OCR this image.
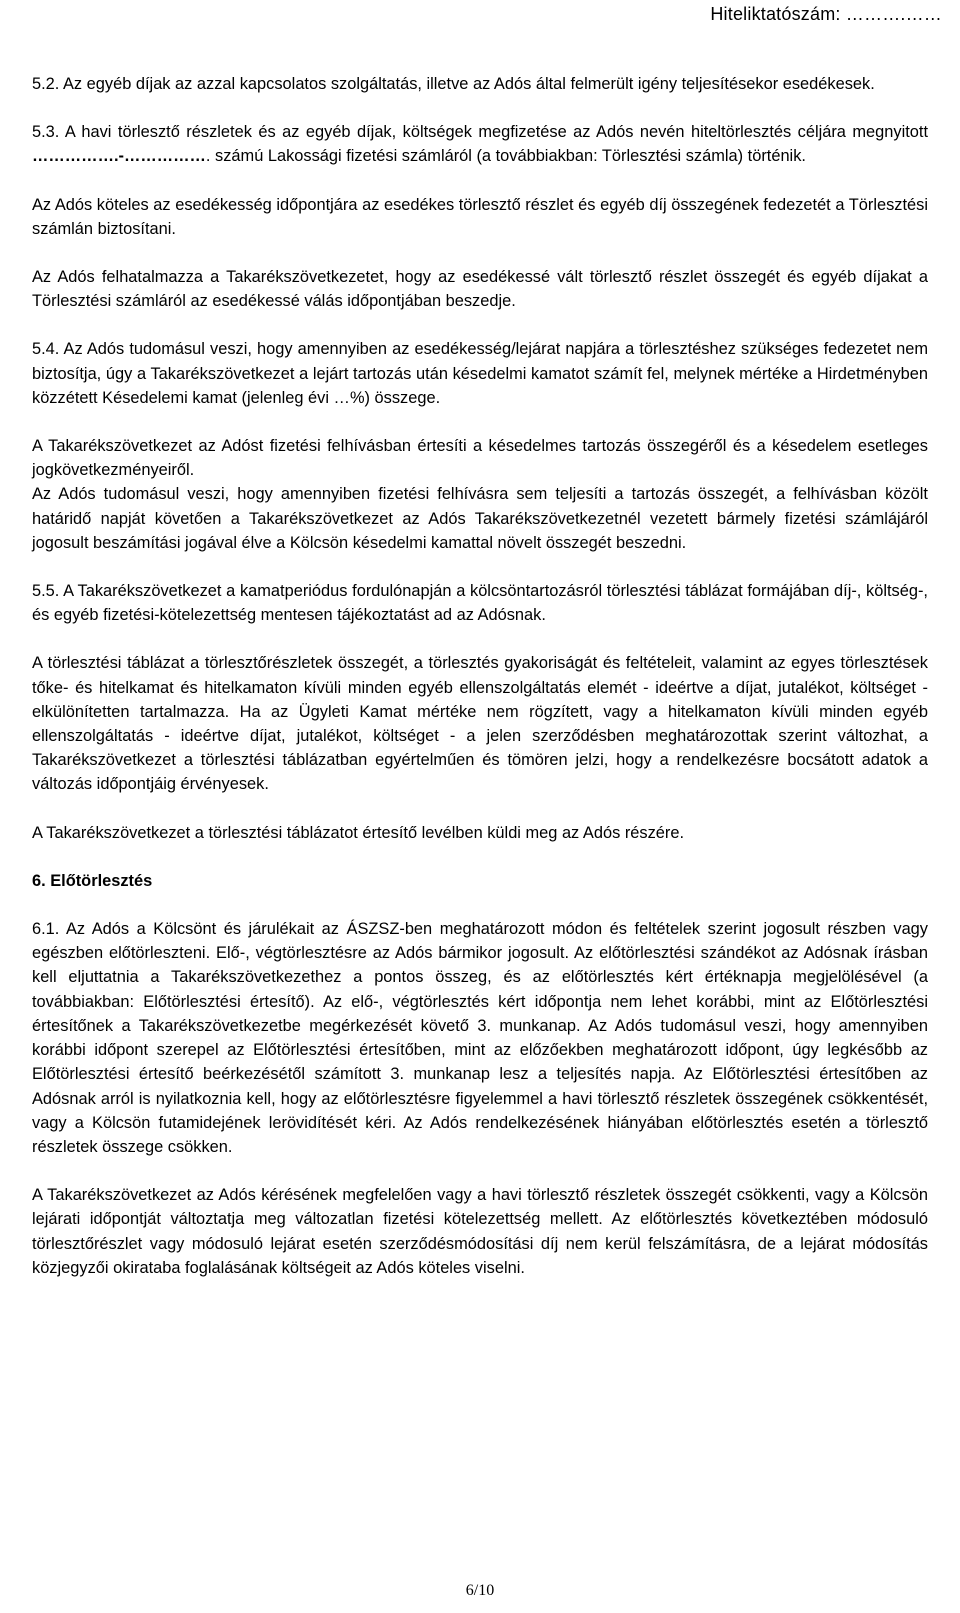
Hiteliktatószám: ……….……

5.2. Az egyéb díjak az azzal kapcsolatos szolgáltatás, illetve az Adós által felmerült igény teljesítésekor esedékesek.

5.3. A havi törlesztő részletek és az egyéb díjak, költségek megfizetése az Adós nevén hiteltörlesztés céljára megnyitott …………….-……………. számú Lakossági fizetési számláról (a továbbiakban: Törlesztési számla) történik.

Az Adós köteles az esedékesség időpontjára az esedékes törlesztő részlet és egyéb díj összegének fedezetét a Törlesztési számlán biztosítani.

Az Adós felhatalmazza a Takarékszövetkezetet, hogy az esedékessé vált törlesztő részlet összegét és egyéb díjakat a Törlesztési számláról az esedékessé válás időpontjában beszedje.

5.4. Az Adós tudomásul veszi, hogy amennyiben az esedékesség/lejárat napjára a törlesztéshez szükséges fedezetet nem biztosítja, úgy a Takarékszövetkezet a lejárt tartozás után késedelmi kamatot számít fel, melynek mértéke a Hirdetményben közzétett Késedelemi kamat (jelenleg évi …%) összege.

A Takarékszövetkezet az Adóst fizetési felhívásban értesíti a késedelmes tartozás összegéről és a késedelem esetleges jogkövetkezményeiről.

Az Adós tudomásul veszi, hogy amennyiben fizetési felhívásra sem teljesíti a tartozás összegét, a felhívásban közölt határidő napját követően a Takarékszövetkezet az Adós Takarékszövetkezetnél vezetett bármely fizetési számlájáról jogosult beszámítási jogával élve a Kölcsön késedelmi kamattal növelt összegét beszedni.

5.5. A Takarékszövetkezet a kamatperiódus fordulónapján a kölcsöntartozásról törlesztési táblázat formájában díj-, költség-, és egyéb fizetési-kötelezettség mentesen tájékoztatást ad az Adósnak.

A törlesztési táblázat a törlesztőrészletek összegét, a törlesztés gyakoriságát és feltételeit, valamint az egyes törlesztések tőke- és hitelkamat és hitelkamaton kívüli minden egyéb ellenszolgáltatás elemét - ideértve a díjat, jutalékot, költséget - elkülönítetten tartalmazza. Ha az Ügyleti Kamat mértéke nem rögzített, vagy a hitelkamaton kívüli minden egyéb ellenszolgáltatás - ideértve díjat, jutalékot, költséget - a jelen szerződésben meghatározottak szerint változhat, a Takarékszövetkezet a törlesztési táblázatban egyértelműen és tömören jelzi, hogy a rendelkezésre bocsátott adatok a változás időpontjáig érvényesek.

A Takarékszövetkezet a törlesztési táblázatot értesítő levélben küldi meg az Adós részére.

6. Előtörlesztés

6.1. Az Adós a Kölcsönt és járulékait az ÁSZSZ-ben meghatározott módon és feltételek szerint jogosult részben vagy egészben előtörleszteni. Elő-, végtörlesztésre az Adós bármikor jogosult. Az előtörlesztési szándékot az Adósnak írásban kell eljuttatnia a Takarékszövetkezethez a pontos összeg, és az előtörlesztés kért értéknapja megjelölésével (a továbbiakban: Előtörlesztési értesítő). Az elő-, végtörlesztés kért időpontja nem lehet korábbi, mint az Előtörlesztési értesítőnek a Takarékszövetkezetbe megérkezését követő 3. munkanap. Az Adós tudomásul veszi, hogy amennyiben korábbi időpont szerepel az Előtörlesztési értesítőben, mint az előzőekben meghatározott időpont, úgy legkésőbb az Előtörlesztési értesítő beérkezésétől számított 3. munkanap lesz a teljesítés napja. Az Előtörlesztési értesítőben az Adósnak arról is nyilatkoznia kell, hogy az előtörlesztésre figyelemmel a havi törlesztő részletek összegének csökkentését, vagy a Kölcsön futamidejének lerövidítését kéri. Az Adós rendelkezésének hiányában előtörlesztés esetén a törlesztő részletek összege csökken.

A Takarékszövetkezet az Adós kérésének megfelelően vagy a havi törlesztő részletek összegét csökkenti, vagy a Kölcsön lejárati időpontját változtatja meg változatlan fizetési kötelezettség mellett. Az előtörlesztés következtében módosuló törlesztőrészlet vagy módosuló lejárat esetén szerződésmódosítási díj nem kerül felszámításra, de a lejárat módosítás közjegyzői okirataba foglalásának költségeit az Adós köteles viselni.

6/10
